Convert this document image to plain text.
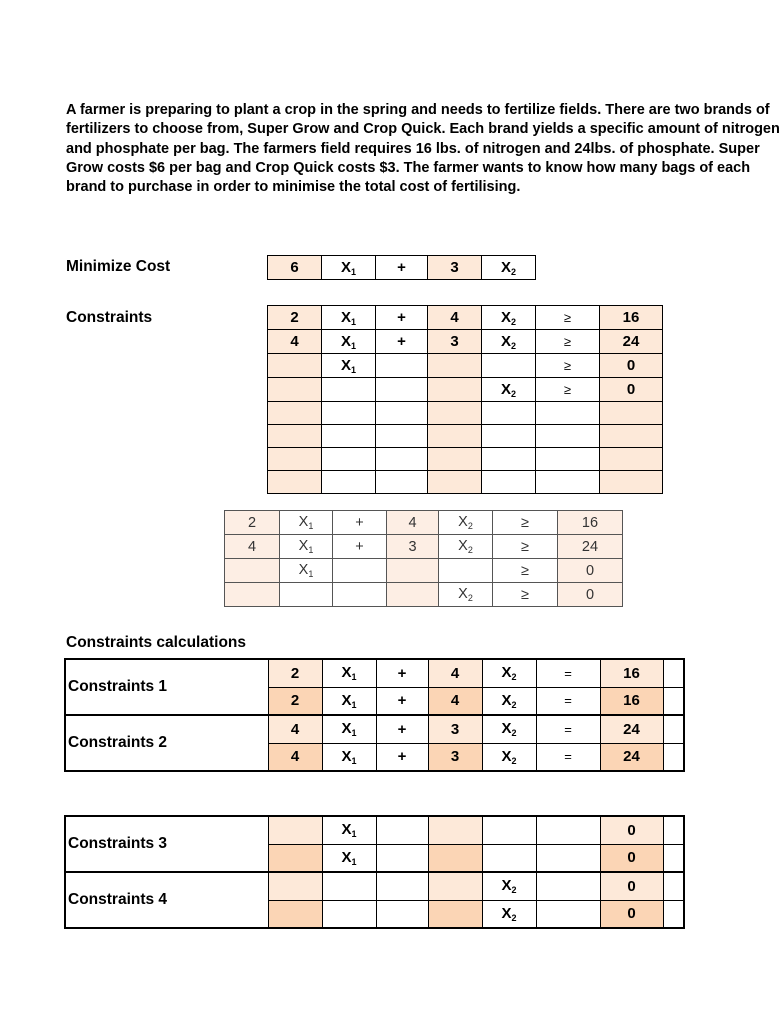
A farmer is preparing to plant a crop in the spring and needs to fertilize fields. There are two brands of
fertilizers to choose from, Super Grow and Crop Quick. Each brand yields a specific amount of nitrogen
and phosphate per bag. The farmers field requires 16 lbs. of nitrogen and 24lbs. of phosphate. Super
Grow costs $6 per bag and Crop Quick costs $3. The farmer wants to know how many bags of each
brand to purchase in order to minimise the total cost of fertilising.
Minimize Cost	6	$X_1$	+	3	$X_2$
Constraints	2	$X_1$	+	4	$X_2$	≥	16
4	$X_1$	+	3	$X_2$	≥	24
	$X_1$				≥	0
				$X_2$	≥	0

2	$X_1$	+	4	$X_2$	≥	16
4	$X_1$	+	3	$X_2$	≥	24
	$X_1$				≥	0
				$X_2$	≥	0
Constraints calculations
Constraints 1	2	$X_1$	+	4	$X_2$	=	16	
	2	$X_1$	+	4	$X_2$	=	16	
Constraints 2	4	$X_1$	+	3	$X_2$	=	24	
	4	$X_1$	+	3	$X_2$	=	24	
Constraints 3		$X_1$					0	
		$X_1$					0	
Constraints 4					$X_2$		0	
					$X_2$		0	
